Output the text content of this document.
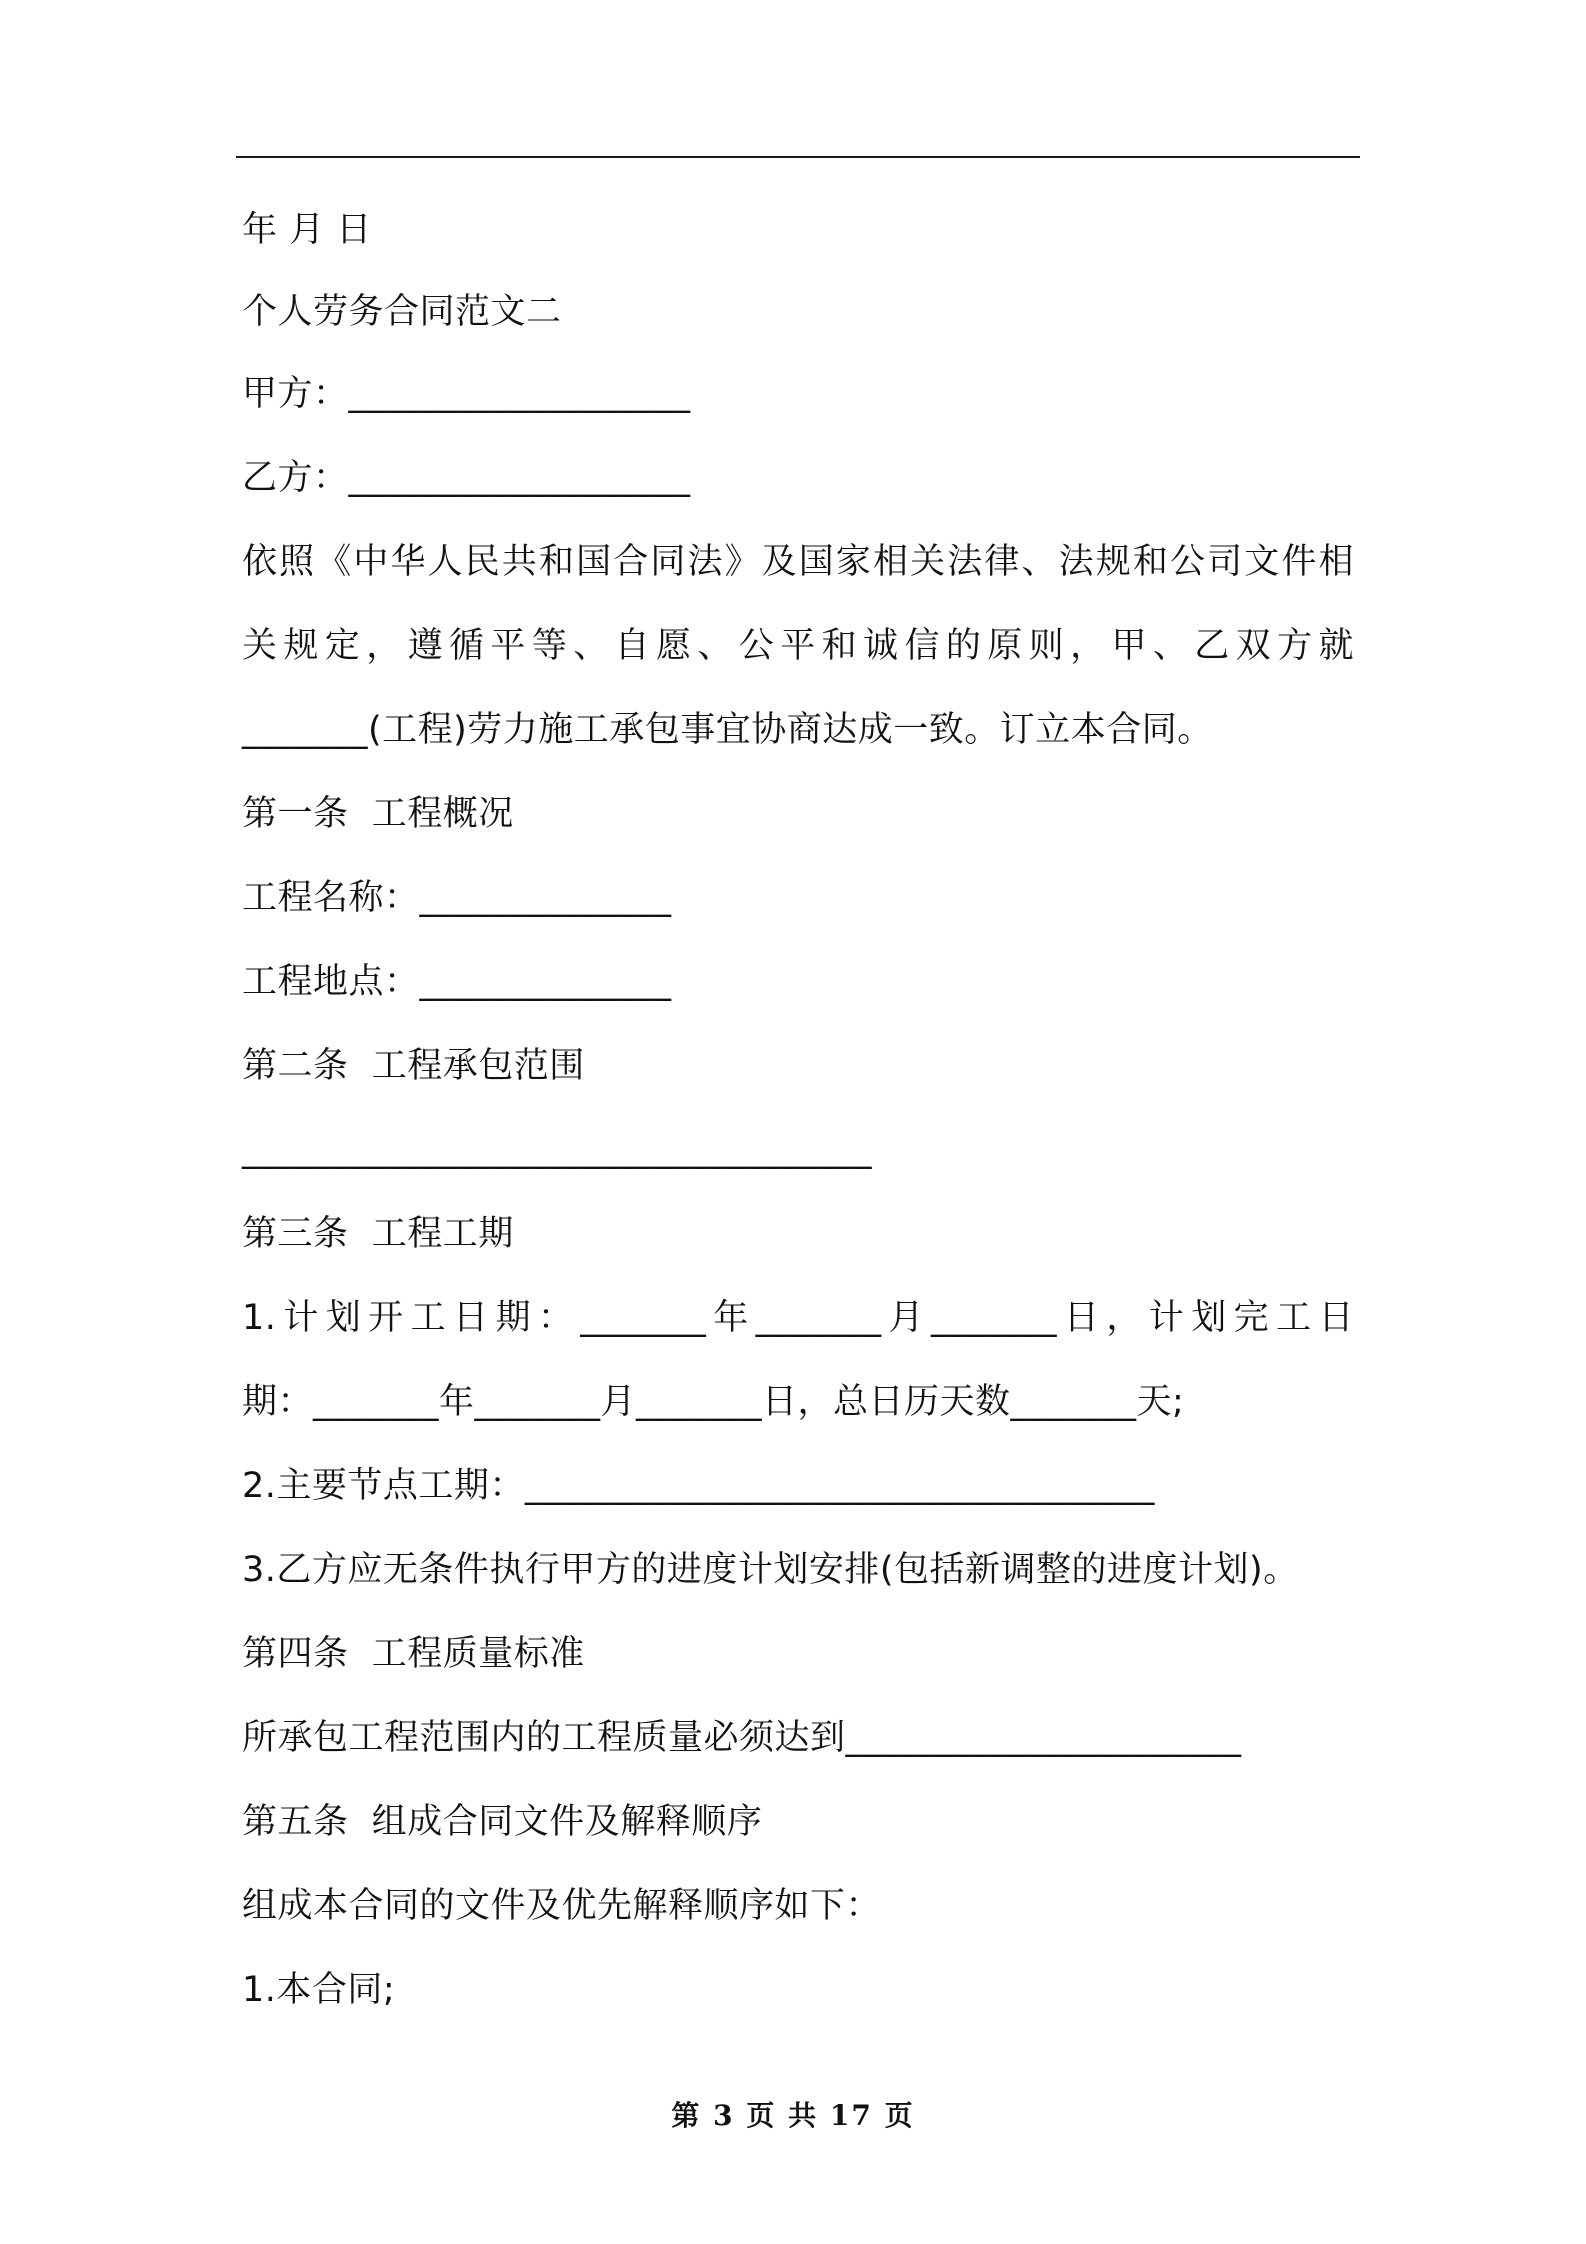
年 月 日
个人劳务合同范文二
甲方：___________________
乙方：___________________
依照《中华人民共和国合同法》及国家相关法律、法规和公司文件相
关规定，遵循平等、自愿、公平和诚信的原则，甲、乙双方就
_______(工程)劳力施工承包事宜协商达成一致。订立本合同。
第一条  工程概况
工程名称：______________
工程地点：______________
第二条  工程承包范围
___________________________________
第三条  工程工期
1.计划开工日期：_______年_______月_______日，计划完工日
期：_______年_______月_______日，总日历天数_______天;
2.主要节点工期：___________________________________
3.乙方应无条件执行甲方的进度计划安排(包括新调整的进度计划)。
第四条  工程质量标准
所承包工程范围内的工程质量必须达到______________________
第五条  组成合同文件及解释顺序
组成本合同的文件及优先解释顺序如下：
1.本合同;
第 3 页 共 17 页
